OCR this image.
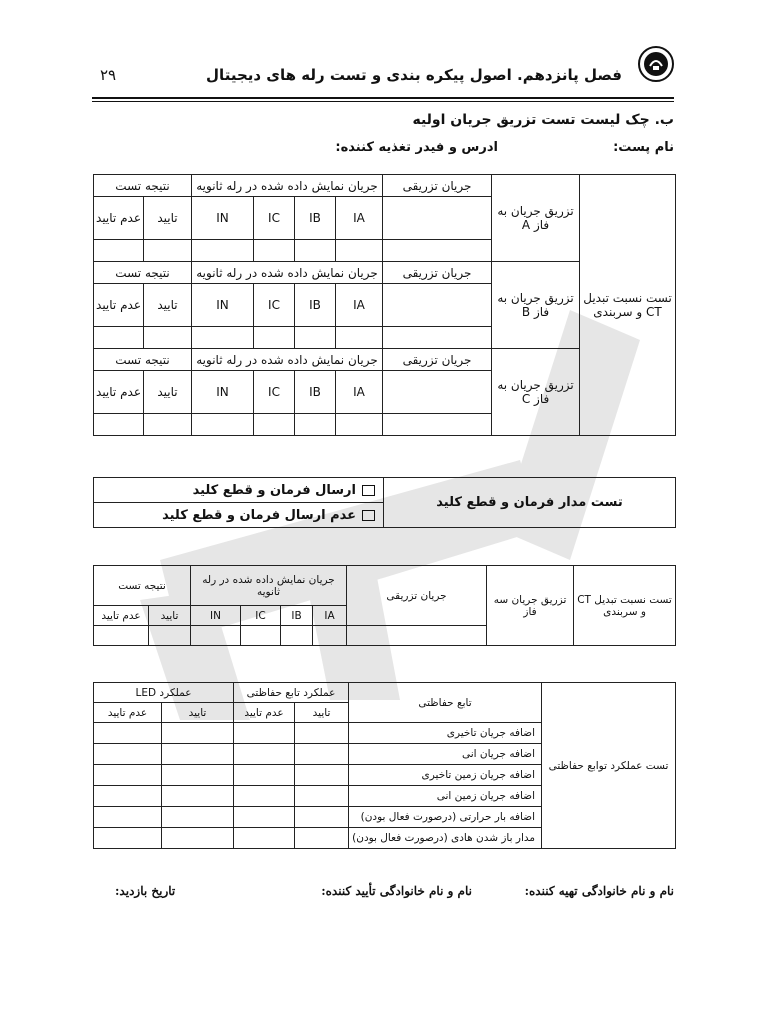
فصل پانزدهم. اصول پیکره بندی و تست رله های دیجیتال
۲۹
ب. چک لیست تست تزریق جریان اولیه
نام پست:
ادرس و فیدر تغذیه کننده:
نتیجه تست		جریان نمایش داده شده در رله ثانویه				جریان تزریقی	تزریق جریان به فاز A	تست نسبت تبدیل CT و سربندی
عدم تایید	تایید	IN	IC	IB	IA			

نتیجه تست		جریان نمایش داده شده در رله ثانویه				جریان تزریقی	تزریق جریان به فاز B	
عدم تایید	تایید	IN	IC	IB	IA			

نتیجه تست		جریان نمایش داده شده در رله ثانویه				جریان تزریقی	تزریق جریان به فاز C	
عدم تایید	تایید	IN	IC	IB	IA			

ارسال فرمان و قطع کلید
	تست مدار فرمان و قطع کلید

عدم ارسال فرمان و قطع کلید
نتیجه تست		جریان نمایش داده شده در رله ثانویه				جریان تزریقی	تزریق جریان سه فاز	تست نسبت تبدیل CT و سربندی
عدم تایید	تایید	IN	IC	IB	IA			

عملکرد LED		عملکرد تابع حفاظتی		تابع حفاظتی	تست عملکرد توابع حفاظتی
عدم تایید	تایید	عدم تایید	تایید		
				اضافه جریان تاخیری	
				اضافه جریان انی	
				اضافه جریان زمین تاخیری	
				اضافه جریان زمین انی	
				اضافه بار حرارتی (درصورت فعال بودن)	
				مدار باز شدن هادی (درصورت فعال بودن)	
نام و نام خانوادگی تهیه کننده:
نام و نام خانوادگی تأیید کننده:
تاریخ بازدید:
